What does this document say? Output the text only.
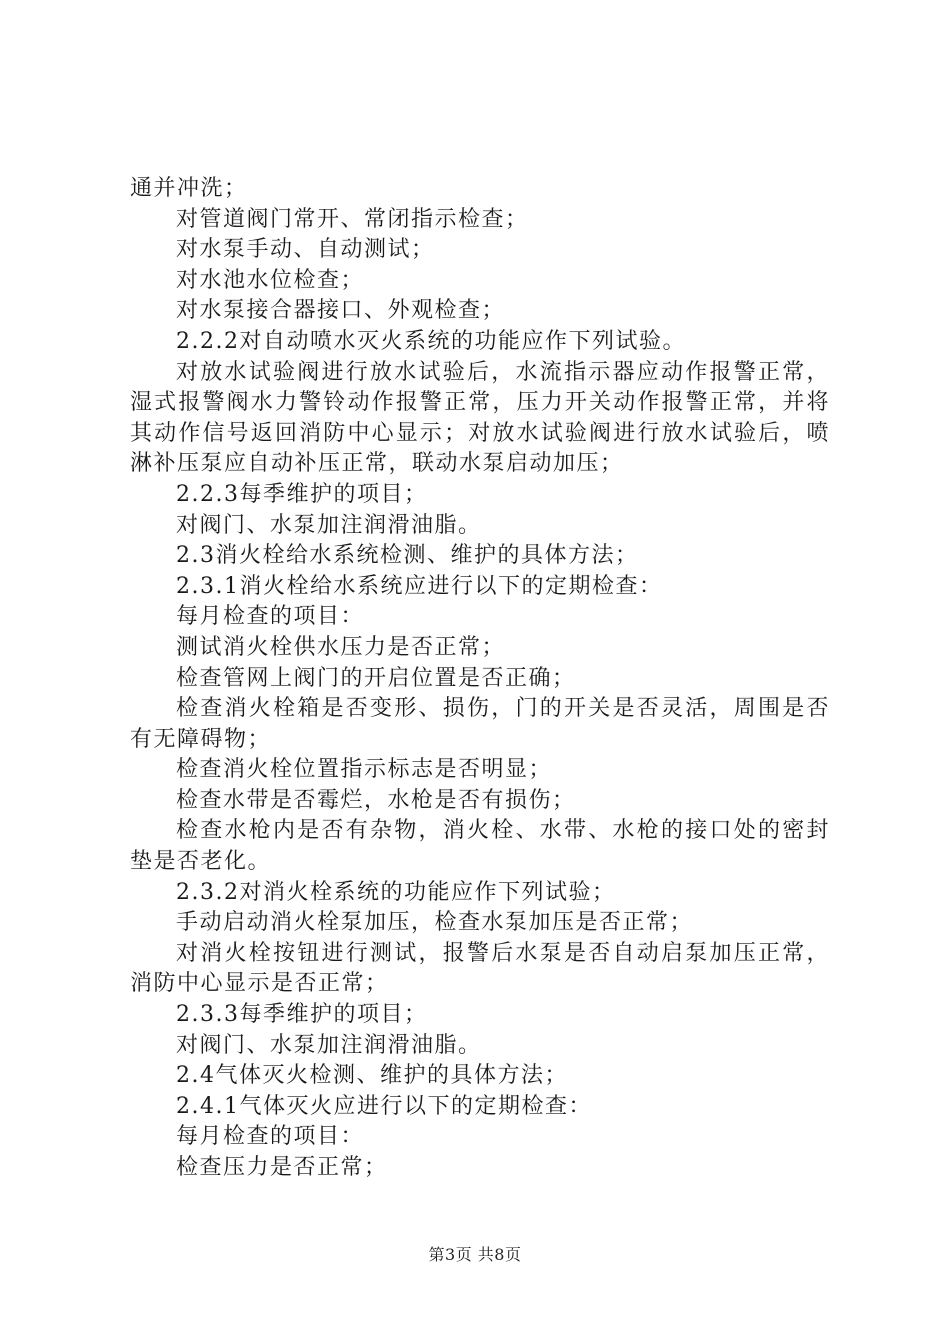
通并冲洗；

对管道阀门常开、常闭指示检查；

对水泵手动、自动测试；

对水池水位检查；

对水泵接合器接口、外观检查；

2.2.2对自动喷水灭火系统的功能应作下列试验。

对放水试验阀进行放水试验后，水流指示器应动作报警正常，湿式报警阀水力警铃动作报警正常，压力开关动作报警正常，并将其动作信号返回消防中心显示；对放水试验阀进行放水试验后，喷淋补压泵应自动补压正常，联动水泵启动加压；

2.2.3每季维护的项目；

对阀门、水泵加注润滑油脂。

2.3消火栓给水系统检测、维护的具体方法；

2.3.1消火栓给水系统应进行以下的定期检查：

每月检查的项目：

测试消火栓供水压力是否正常；

检查管网上阀门的开启位置是否正确；

检查消火栓箱是否变形、损伤，门的开关是否灵活，周围是否有无障碍物；

检查消火栓位置指示标志是否明显；

检查水带是否霉烂，水枪是否有损伤；

检查水枪内是否有杂物，消火栓、水带、水枪的接口处的密封垫是否老化。

2.3.2对消火栓系统的功能应作下列试验；

手动启动消火栓泵加压，检查水泵加压是否正常；

对消火栓按钮进行测试，报警后水泵是否自动启泵加压正常，消防中心显示是否正常；

2.3.3每季维护的项目；

对阀门、水泵加注润滑油脂。

2.4气体灭火检测、维护的具体方法；

2.4.1气体灭火应进行以下的定期检查：

每月检查的项目：

检查压力是否正常；

第3页 共8页
